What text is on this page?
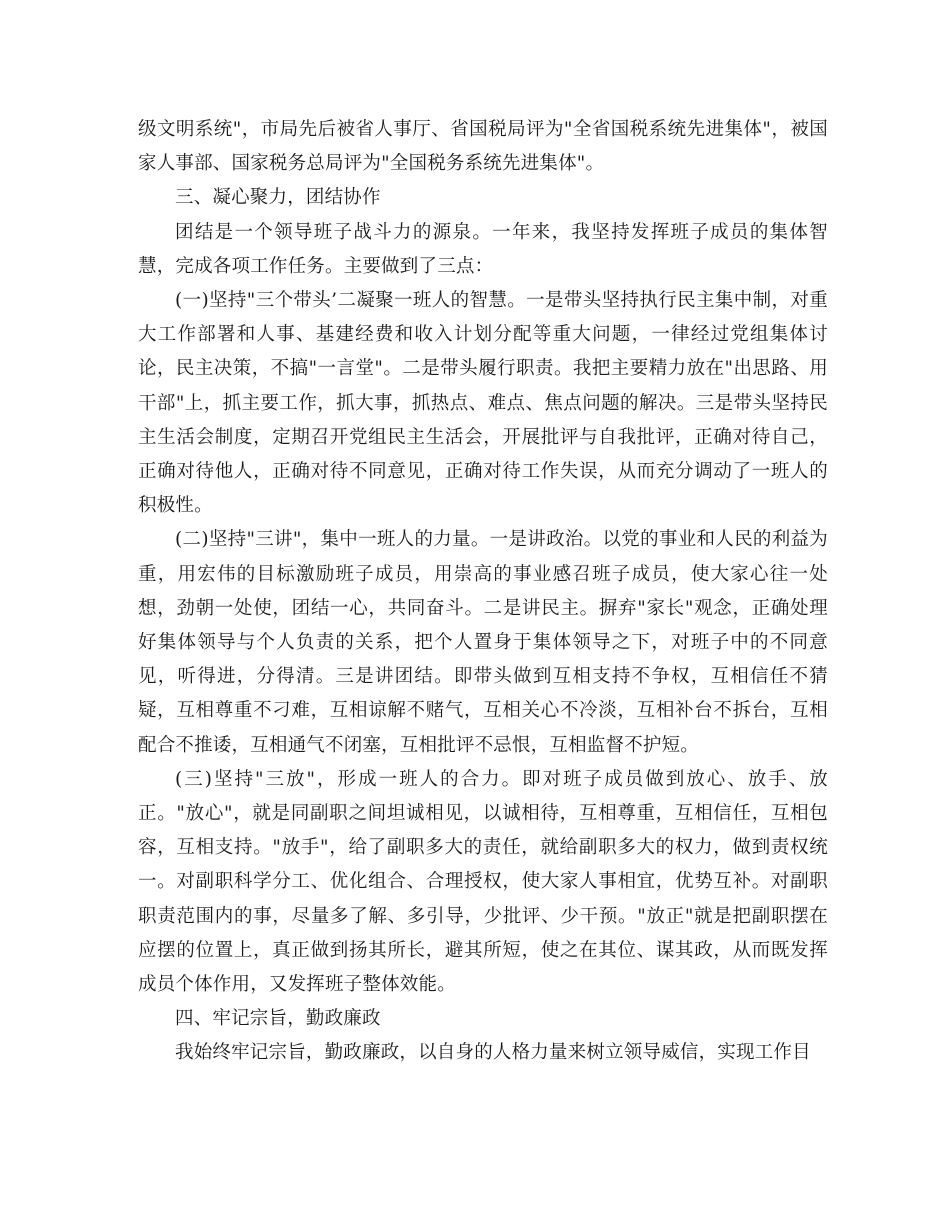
级文明系统"，市局先后被省人事厅、省国税局评为"全省国税系统先进集体"，被国家人事部、国家税务总局评为"全国税务系统先进集体"。

三、凝心聚力，团结协作

团结是一个领导班子战斗力的源泉。一年来，我坚持发挥班子成员的集体智慧，完成各项工作任务。主要做到了三点：

(一)坚持"三个带头’二凝聚一班人的智慧。一是带头坚持执行民主集中制，对重大工作部署和人事、基建经费和收入计划分配等重大问题，一律经过党组集体讨论，民主决策，不搞"一言堂"。二是带头履行职责。我把主要精力放在"出思路、用干部"上，抓主要工作，抓大事，抓热点、难点、焦点问题的解决。三是带头坚持民主生活会制度，定期召开党组民主生活会，开展批评与自我批评，正确对待自己，正确对待他人，正确对待不同意见，正确对待工作失误，从而充分调动了一班人的积极性。

(二)坚持"三讲"，集中一班人的力量。一是讲政治。以党的事业和人民的利益为重，用宏伟的目标激励班子成员，用崇高的事业感召班子成员，使大家心往一处想，劲朝一处使，团结一心，共同奋斗。二是讲民主。摒弃"家长"观念，正确处理好集体领导与个人负责的关系，把个人置身于集体领导之下，对班子中的不同意见，听得进，分得清。三是讲团结。即带头做到互相支持不争权，互相信任不猜疑，互相尊重不刁难，互相谅解不赌气，互相关心不冷淡，互相补台不拆台，互相配合不推诿，互相通气不闭塞，互相批评不忌恨，互相监督不护短。

(三)坚持"三放"，形成一班人的合力。即对班子成员做到放心、放手、放正。"放心"，就是同副职之间坦诚相见，以诚相待，互相尊重，互相信任，互相包容，互相支持。"放手"，给了副职多大的责任，就给副职多大的权力，做到责权统一。对副职科学分工、优化组合、合理授权，使大家人事相宜，优势互补。对副职职责范围内的事，尽量多了解、多引导，少批评、少干预。"放正"就是把副职摆在应摆的位置上，真正做到扬其所长，避其所短，使之在其位、谋其政，从而既发挥成员个体作用，又发挥班子整体效能。

四、牢记宗旨，勤政廉政

我始终牢记宗旨，勤政廉政，以自身的人格力量来树立领导威信，实现工作目
